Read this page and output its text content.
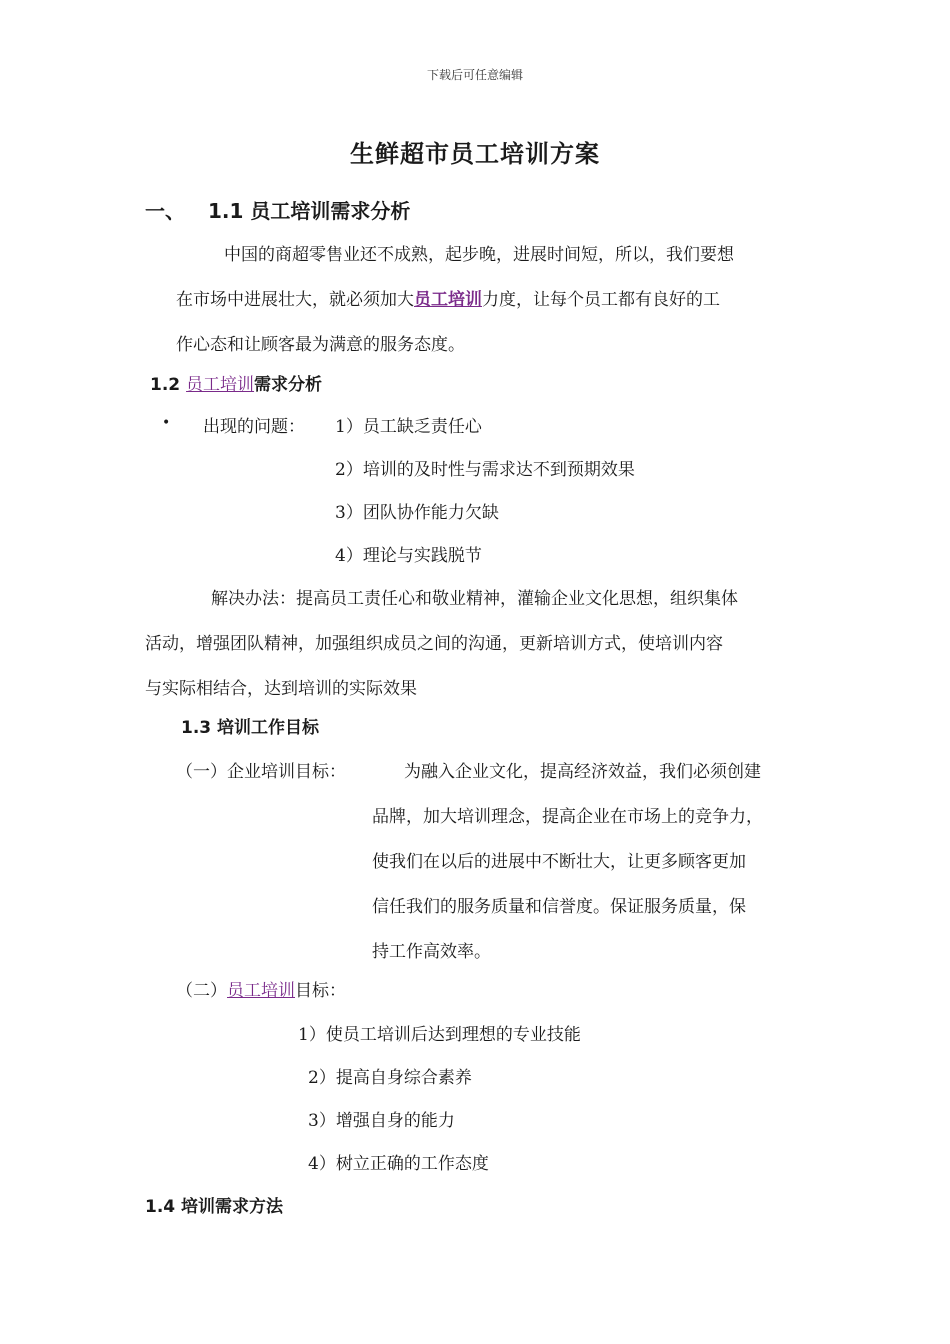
下载后可任意编辑
生鲜超市员工培训方案
一、 1.1 员工培训需求分析
中国的商超零售业还不成熟，起步晚，进展时间短，所以，我们要想
在市场中进展壮大，就必须加大员工培训力度，让每个员工都有良好的工
作心态和让顾客最为满意的服务态度。
1.2 员工培训需求分析
• 出现的问题： 1）员工缺乏责任心
2）培训的及时性与需求达不到预期效果
3）团队协作能力欠缺
4）理论与实践脱节
解决办法：提高员工责任心和敬业精神，灌输企业文化思想，组织集体
活动，增强团队精神，加强组织成员之间的沟通，更新培训方式，使培训内容
与实际相结合，达到培训的实际效果
1.3 培训工作目标
（一）企业培训目标：	为融入企业文化，提高经济效益，我们必须创建
品牌，加大培训理念，提高企业在市场上的竞争力，
使我们在以后的进展中不断壮大，让更多顾客更加
信任我们的服务质量和信誉度。保证服务质量，保
持工作高效率。
（二）员工培训目标：
1）使员工培训后达到理想的专业技能
2）提高自身综合素养
3）增强自身的能力
4）树立正确的工作态度
1.4 培训需求方法
